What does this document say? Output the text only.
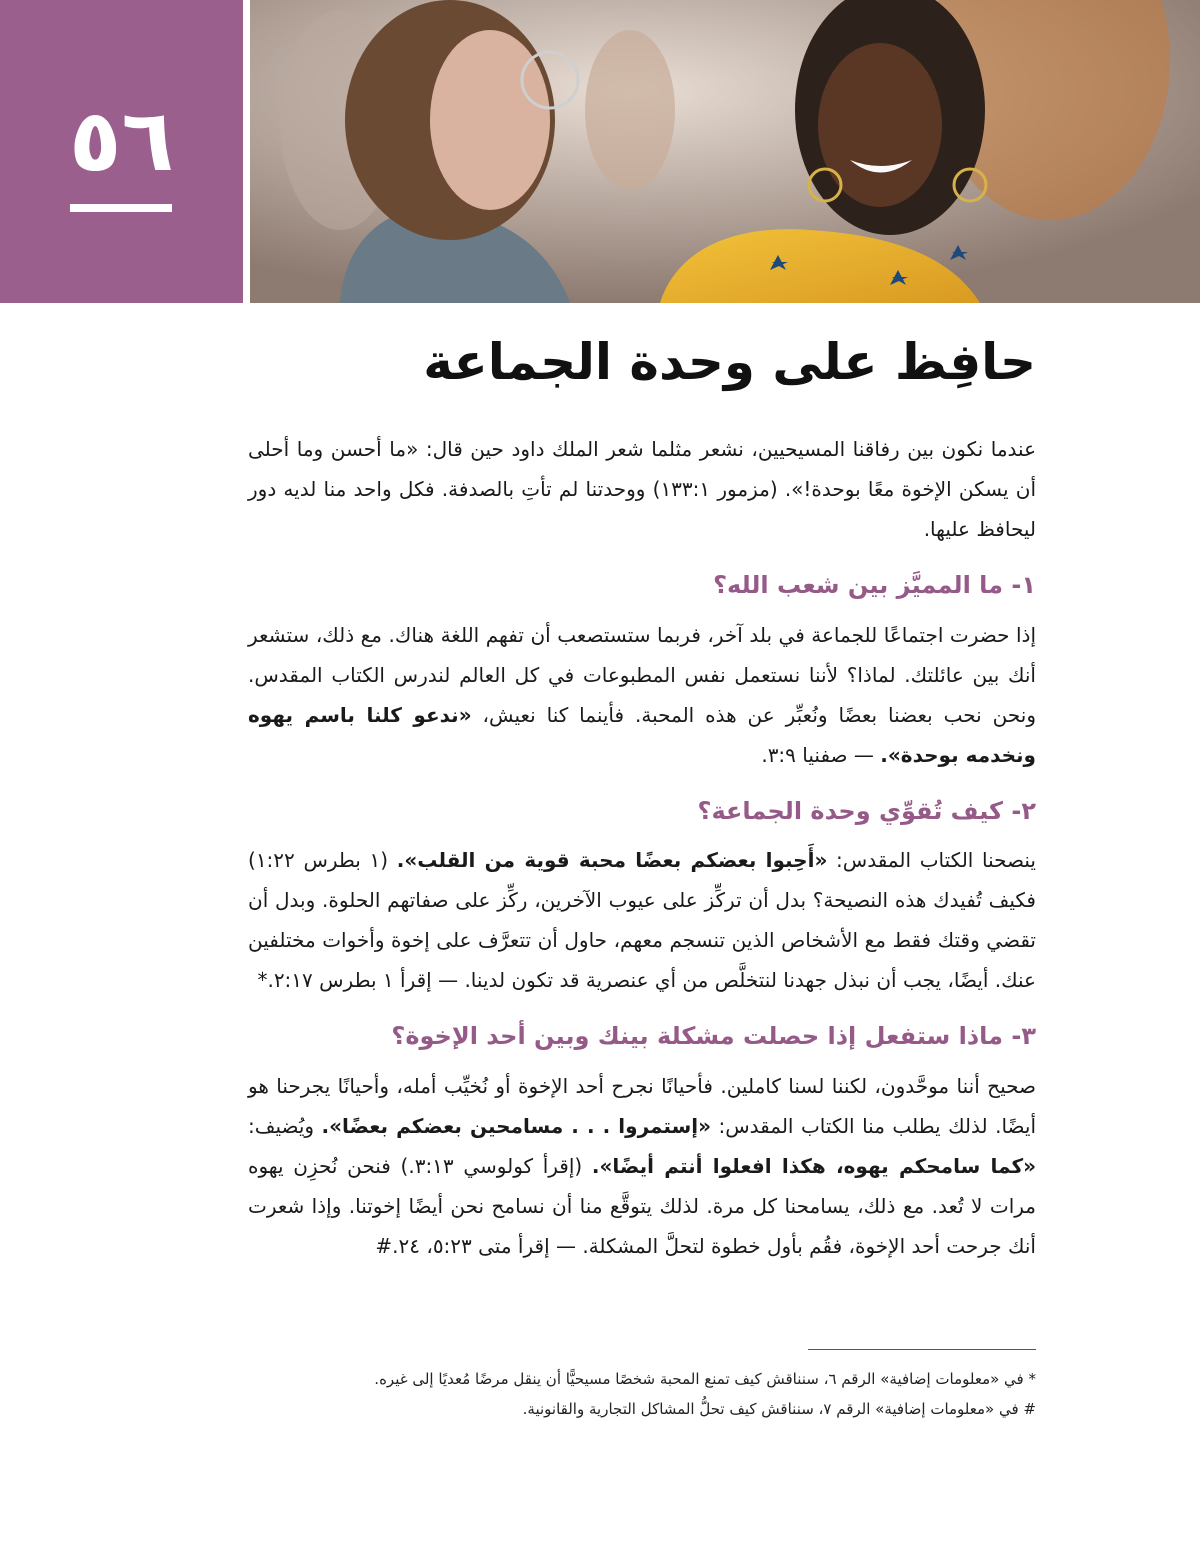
٥٦
حافِظ على وحدة الجماعة

عندما نكون بين رفاقنا المسيحيين، نشعر مثلما شعر الملك داود حين قال: «ما أحسن وما أحلى أن يسكن الإخوة معًا بوحدة!». (مزمور ١٣٣:١) ووحدتنا لم تأتِ بالصدفة. فكل واحد منا لديه دور ليحافظ عليها.

١- ما المميَّز بين شعب الله؟

إذا حضرت اجتماعًا للجماعة في بلد آخر، فربما ستستصعب أن تفهم اللغة هناك. مع ذلك، ستشعر أنك بين عائلتك. لماذا؟ لأننا نستعمل نفس المطبوعات في كل العالم لندرس الكتاب المقدس. ونحن نحب بعضنا بعضًا ونُعبِّر عن هذه المحبة. فأينما كنا نعيش، «ندعو كلنا باسم يهوه ونخدمه بوحدة». — صفنيا ٣:٩.

٢- كيف تُقوِّي وحدة الجماعة؟

ينصحنا الكتاب المقدس: «أَحِبوا بعضكم بعضًا محبة قوية من القلب». (١ بطرس ١:٢٢) فكيف تُفيدك هذه النصيحة؟ بدل أن تركِّز على عيوب الآخرين، ركِّز على صفاتهم الحلوة. وبدل أن تقضي وقتك فقط مع الأشخاص الذين تنسجم معهم، حاول أن تتعرَّف على إخوة وأخوات مختلفين عنك. أيضًا، يجب أن نبذل جهدنا لنتخلَّص من أي عنصرية قد تكون لدينا. — إقرأ ١ بطرس ٢:١٧.*

٣- ماذا ستفعل إذا حصلت مشكلة بينك وبين أحد الإخوة؟

صحيح أننا موحَّدون، لكننا لسنا كاملين. فأحيانًا نجرح أحد الإخوة أو نُخيِّب أمله، وأحيانًا يجرحنا هو أيضًا. لذلك يطلب منا الكتاب المقدس: «إستمروا . . . مسامحين بعضكم بعضًا». ويُضيف: «كما سامحكم يهوه، هكذا افعلوا أنتم أيضًا». (إقرأ كولوسي ٣:١٣.) فنحن نُحزِن يهوه مرات لا تُعد. مع ذلك، يسامحنا كل مرة. لذلك يتوقَّع منا أن نسامح نحن أيضًا إخوتنا. وإذا شعرت أنك جرحت أحد الإخوة، فقُم بأول خطوة لتحلَّ المشكلة. — إقرأ متى ٥:٢٣، ٢٤.#

* في «معلومات إضافية» الرقم ٦، سنناقش كيف تمنع المحبة شخصًا مسيحيًّا أن ينقل مرضًا مُعديًا إلى غيره.
# في «معلومات إضافية» الرقم ٧، سنناقش كيف تحلُّ المشاكل التجارية والقانونية.
